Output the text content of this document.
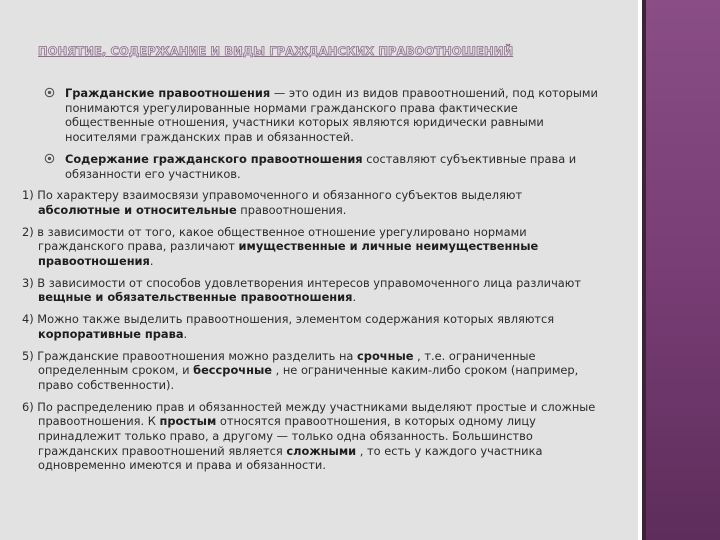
ПОНЯТИЕ, СОДЕРЖАНИЕ И ВИДЫ ГРАЖДАНСКИХ ПРАВООТНОШЕНИЙ
Гражданские правоотношения — это один из видов правоотношений, под которыми понимаются урегулированные нормами гражданского права фактические общественные отношения, участники которых являются юридически равными носителями гражданских прав и обязанностей.
Содержание гражданского правоотношения составляют субъективные права и обязанности его участников.
1) По характеру взаимосвязи управомоченного и обязанного субъектов выделяют абсолютные и относительные правоотношения.
2) в зависимости от того, какое общественное отношение урегулировано нормами гражданского права, различают имущественные и личные неимущественные правоотношения.
3) В зависимости от способов удовлетворения интересов управомоченного лица различают вещные и обязательственные правоотношения.
4) Можно также выделить правоотношения, элементом содержания которых являются корпоративные права.
5) Гражданские правоотношения можно разделить на срочные , т.е. ограниченные определенным сроком, и бессрочные , не ограниченные каким-либо сроком (например, право собственности).
6) По распределению прав и обязанностей между участниками выделяют простые и сложные правоотношения. К простым относятся правоотношения, в которых одному лицу принадлежит только право, а другому — только одна обязанность. Большинство гражданских правоотношений является сложными , то есть у каждого участника одновременно имеются и права и обязанности.
